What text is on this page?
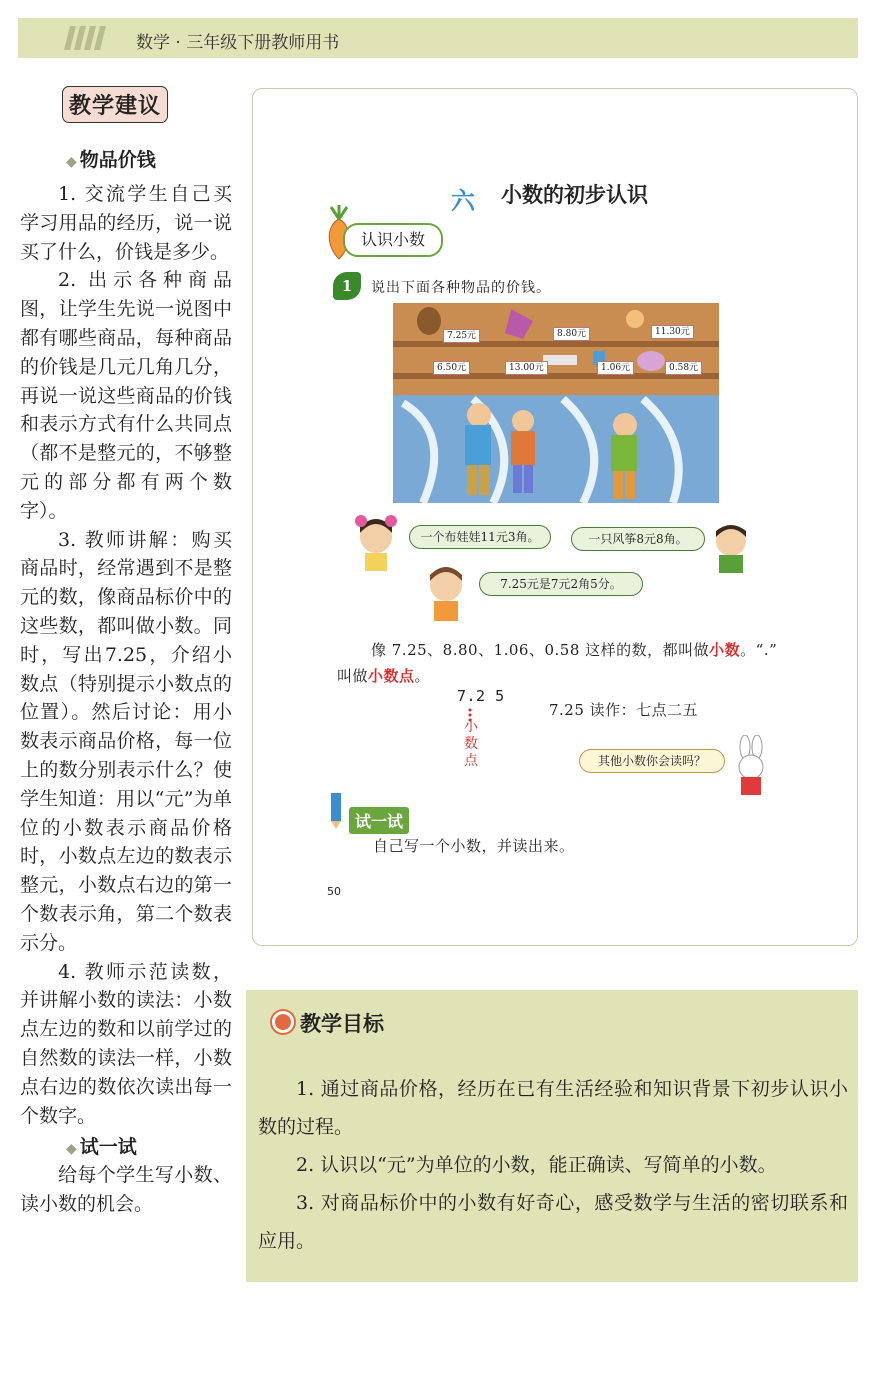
数学 · 三年级下册教师用书
教学建议
◆ 物品价钱

1. 交流学生自己买学习用品的经历，说一说买了什么，价钱是多少。

2. 出示各种商品图，让学生先说一说图中都有哪些商品，每种商品的价钱是几元几角几分，再说一说这些商品的价钱和表示方式有什么共同点（都不是整元的，不够整元的部分都有两个数字）。

3. 教师讲解：购买商品时，经常遇到不是整元的数，像商品标价中的这些数，都叫做小数。同时，写出7.25，介绍小数点（特别提示小数点的位置）。然后讨论：用小数表示商品价格，每一位上的数分别表示什么？使学生知道：用以“元”为单位的小数表示商品价格时，小数点左边的数表示整元，小数点右边的第一个数表示角，第二个数表示分。

4. 教师示范读数，并讲解小数的读法：小数点左边的数和以前学过的自然数的读法一样，小数点右边的数依次读出每一个数字。

◆ 试一试

给每个学生写小数、读小数的机会。

六 小数的初步认识
认识小数
1	说出下面各种物品的价钱。
7.25元	8.80元	11.30元
6.50元	13.00元	1.06元	0.58元
一个布娃娃11元3角。	一只风筝8元8角。
7.25元是7元2角5分。
像 7.25、8.80、1.06、0.58 这样的数，都叫做小数。“.”
叫做小数点。
7.2 5
小数点
7.25 读作：七点二五
其他小数你会读吗？
试一试
自己写一个小数，并读出来。
50
教学目标

1. 通过商品价格，经历在已有生活经验和知识背景下初步认识小数的过程。

2. 认识以“元”为单位的小数，能正确读、写简单的小数。

3. 对商品标价中的小数有好奇心，感受数学与生活的密切联系和应用。
